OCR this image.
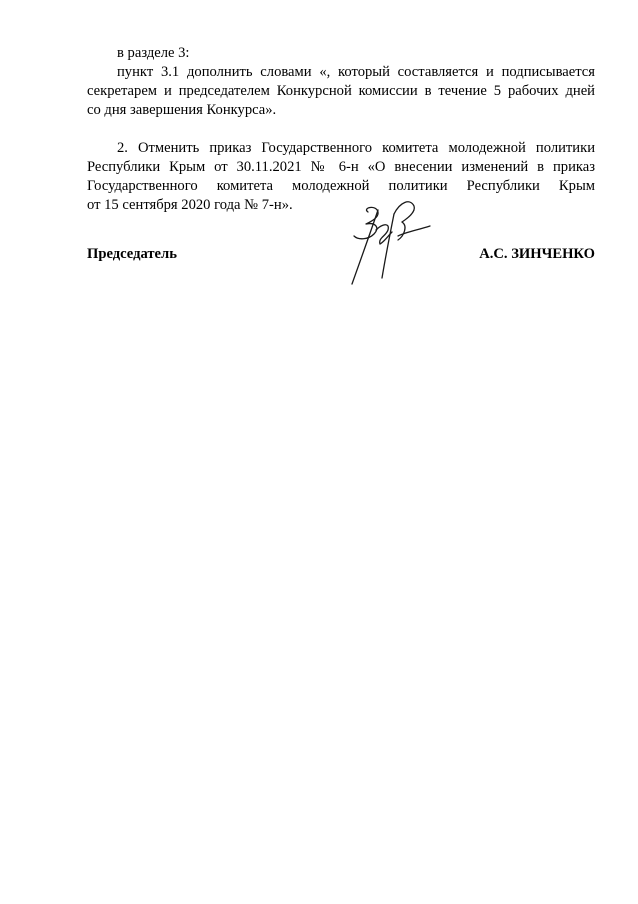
в разделе 3:
пункт 3.1 дополнить словами «, который составляется и подписывается
секретарем и председателем Конкурсной комиссии в течение 5 рабочих дней
со дня завершения Конкурса».
2. Отменить приказ Государственного комитета молодежной политики
Республики Крым от 30.11.2021 № 6-н «О внесении изменений в приказ
Государственного комитета молодежной политики Республики Крым
от 15 сентября 2020 года № 7-н».
Председатель	А.С. ЗИНЧЕНКО
